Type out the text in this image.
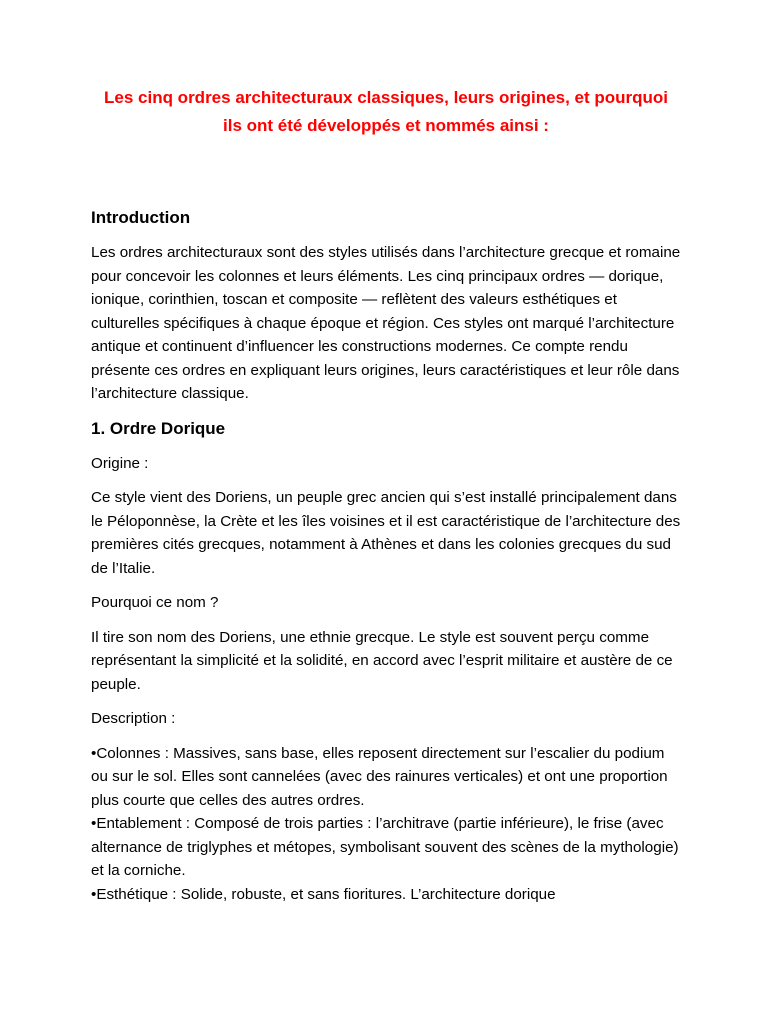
Les cinq ordres architecturaux classiques, leurs origines, et pourquoi
ils ont été développés et nommés ainsi :
Introduction

Les ordres architecturaux sont des styles utilisés dans l’architecture grecque et romaine pour concevoir les colonnes et leurs éléments. Les cinq principaux ordres — dorique, ionique, corinthien, toscan et composite — reflètent des valeurs esthétiques et culturelles spécifiques à chaque époque et région. Ces styles ont marqué l’architecture antique et continuent d’influencer les constructions modernes. Ce compte rendu présente ces ordres en expliquant leurs origines, leurs caractéristiques et leur rôle dans l’architecture classique.

1. Ordre Dorique

Origine :

Ce style vient des Doriens, un peuple grec ancien qui s’est installé principalement dans le Péloponnèse, la Crète et les îles voisines et il est caractéristique de l’architecture des premières cités grecques, notamment à Athènes et dans les colonies grecques du sud de l’Italie.

Pourquoi ce nom ?

Il tire son nom des Doriens, une ethnie grecque. Le style est souvent perçu comme représentant la simplicité et la solidité, en accord avec l’esprit militaire et austère de ce peuple.

Description :

•Colonnes : Massives, sans base, elles reposent directement sur l’escalier du podium ou sur le sol. Elles sont cannelées (avec des rainures verticales) et ont une proportion plus courte que celles des autres ordres.

•Entablement : Composé de trois parties : l’architrave (partie inférieure), le frise (avec alternance de triglyphes et métopes, symbolisant souvent des scènes de la mythologie) et la corniche.

•Esthétique : Solide, robuste, et sans fioritures. L’architecture dorique
